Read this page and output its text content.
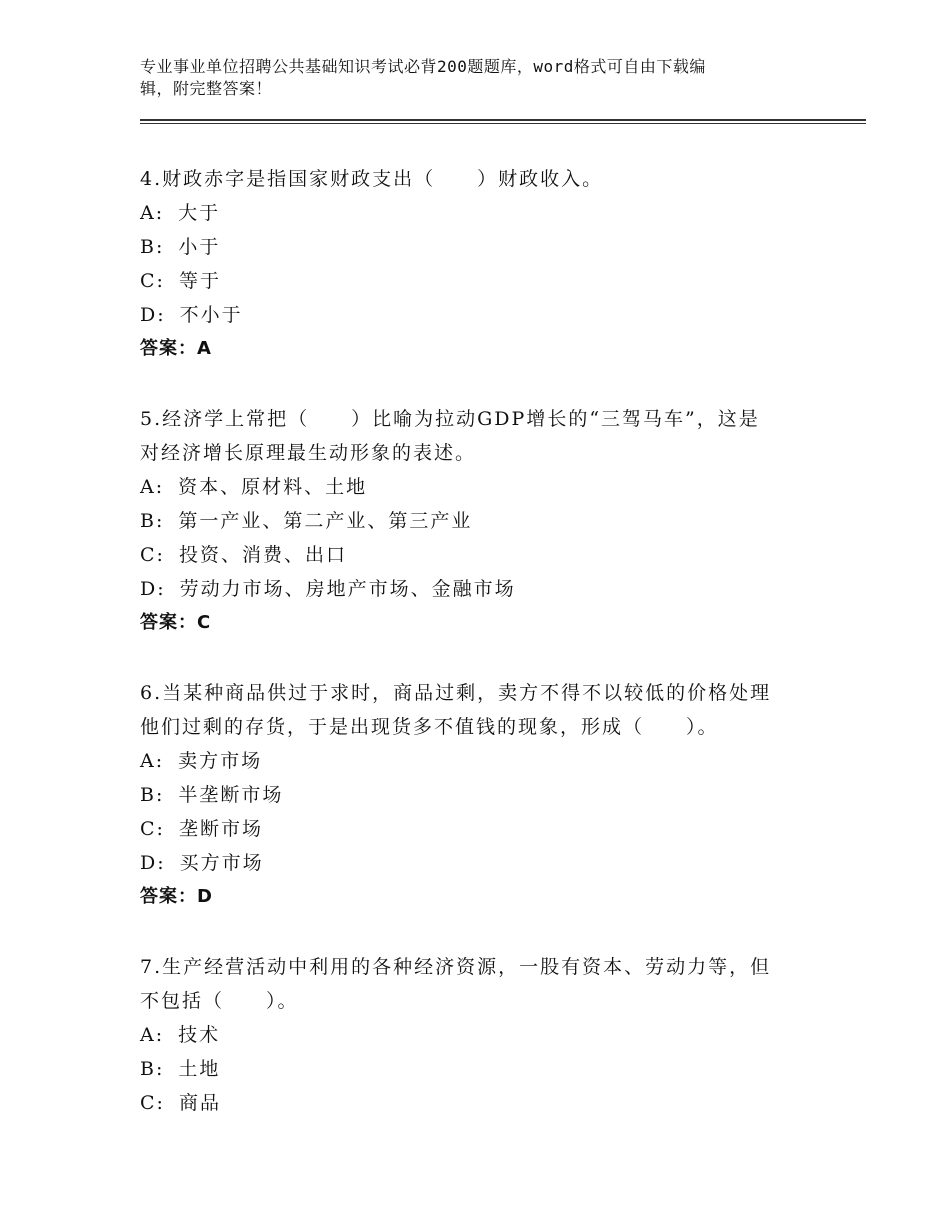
专业事业单位招聘公共基础知识考试必背200题题库，word格式可自由下载编
辑，附完整答案！
4.财政赤字是指国家财政支出（　　）财政收入。
A: 大于
B: 小于
C: 等于
D: 不小于
答案：A
5.经济学上常把（　　）比喻为拉动GDP增长的“三驾马车”，这是
对经济增长原理最生动形象的表述。
A: 资本、原材料、土地
B: 第一产业、第二产业、第三产业
C: 投资、消费、出口
D: 劳动力市场、房地产市场、金融市场
答案：C
6.当某种商品供过于求时，商品过剩，卖方不得不以较低的价格处理
他们过剩的存货，于是出现货多不值钱的现象，形成（　　）。
A: 卖方市场
B: 半垄断市场
C: 垄断市场
D: 买方市场
答案：D
7.生产经营活动中利用的各种经济资源，一股有资本、劳动力等，但
不包括（　　）。
A: 技术
B: 土地
C: 商品
